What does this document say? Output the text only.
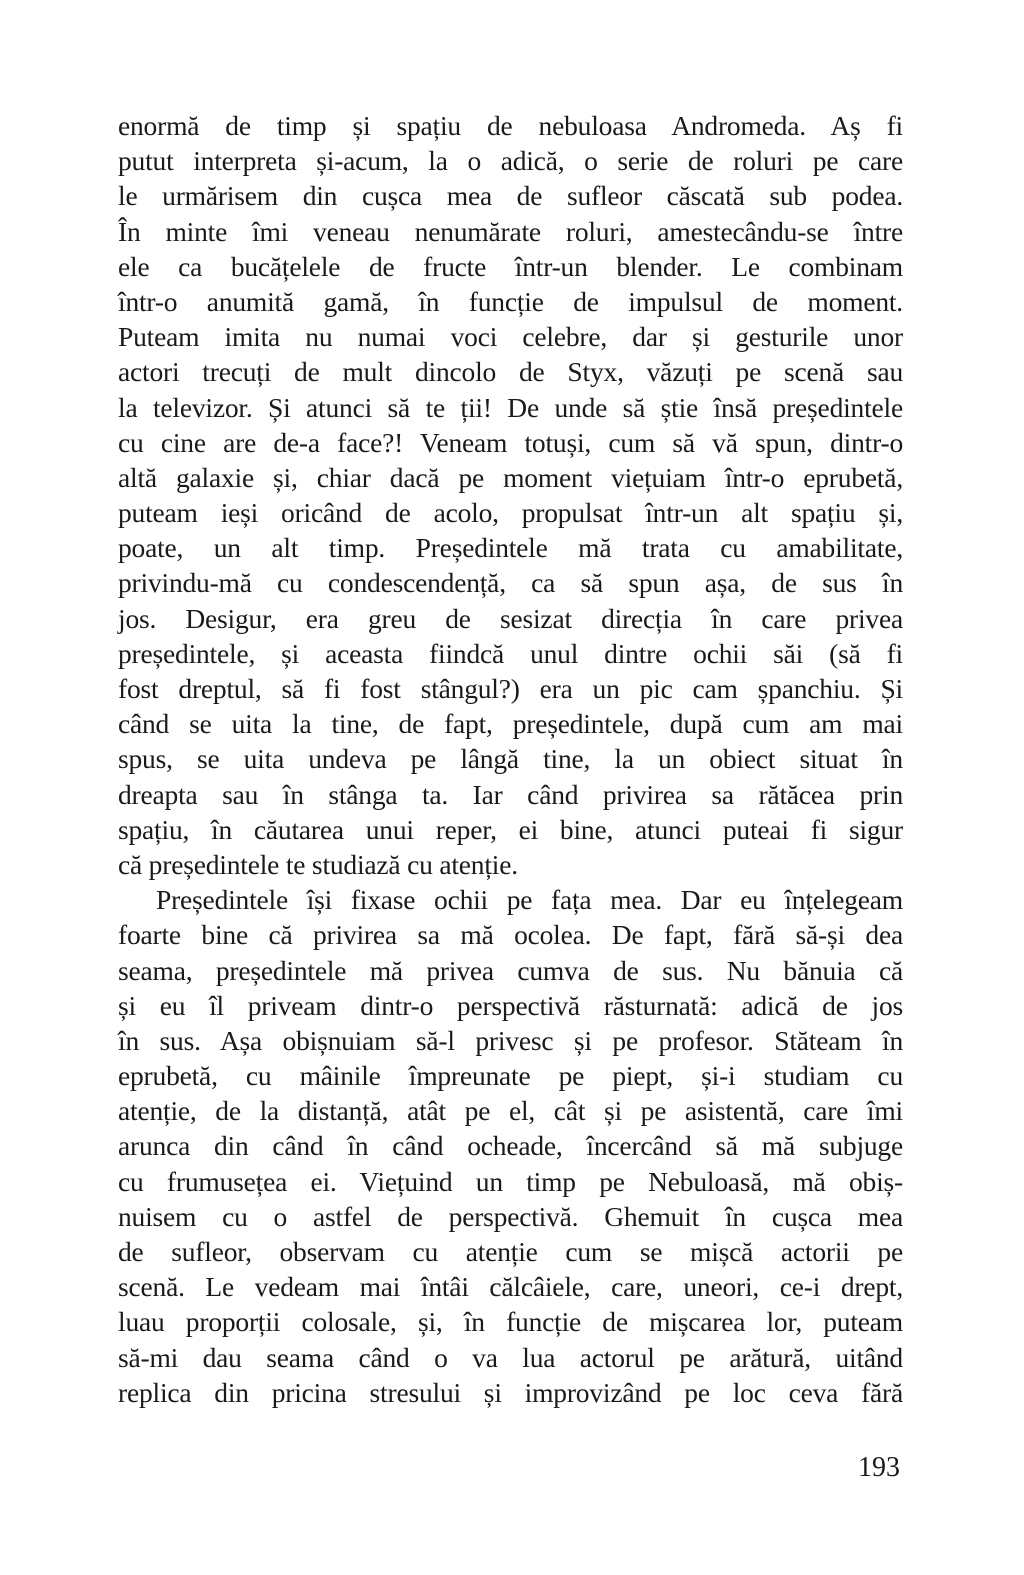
enormă de timp și spațiu de nebuloasa Andromeda. Aș fi
putut interpreta și-acum, la o adică, o serie de roluri pe care
le urmărisem din cușca mea de sufleor căscată sub podea.
În minte îmi veneau nenumărate roluri, amestecându-se între
ele ca bucățelele de fructe într-un blender. Le combinam
într-o anumită gamă, în funcție de impulsul de moment.
Puteam imita nu numai voci celebre, dar și gesturile unor
actori trecuți de mult dincolo de Styx, văzuți pe scenă sau
la televizor. Și atunci să te ții! De unde să știe însă președintele
cu cine are de-a face?! Veneam totuși, cum să vă spun, dintr-o
altă galaxie și, chiar dacă pe moment viețuiam într-o eprubetă,
puteam ieși oricând de acolo, propulsat într-un alt spațiu și,
poate, un alt timp. Președintele mă trata cu amabilitate,
privindu-mă cu condescendență, ca să spun așa, de sus în
jos. Desigur, era greu de sesizat direcția în care privea
președintele, și aceasta fiindcă unul dintre ochii săi (să fi
fost dreptul, să fi fost stângul?) era un pic cam șpanchiu. Și
când se uita la tine, de fapt, președintele, după cum am mai
spus, se uita undeva pe lângă tine, la un obiect situat în
dreapta sau în stânga ta. Iar când privirea sa rătăcea prin
spațiu, în căutarea unui reper, ei bine, atunci puteai fi sigur
că președintele te studiază cu atenție.
Președintele își fixase ochii pe fața mea. Dar eu înțelegeam
foarte bine că privirea sa mă ocolea. De fapt, fără să-și dea
seama, președintele mă privea cumva de sus. Nu bănuia că
și eu îl priveam dintr-o perspectivă răsturnată: adică de jos
în sus. Așa obișnuiam să-l privesc și pe profesor. Stăteam în
eprubetă, cu mâinile împreunate pe piept, și-i studiam cu
atenție, de la distanță, atât pe el, cât și pe asistentă, care îmi
arunca din când în când ocheade, încercând să mă subjuge
cu frumusețea ei. Viețuind un timp pe Nebuloasă, mă obiș-
nuisem cu o astfel de perspectivă. Ghemuit în cușca mea
de sufleor, observam cu atenție cum se mișcă actorii pe
scenă. Le vedeam mai întâi călcâiele, care, uneori, ce-i drept,
luau proporții colosale, și, în funcție de mișcarea lor, puteam
să-mi dau seama când o va lua actorul pe arătură, uitând
replica din pricina stresului și improvizând pe loc ceva fără
193
